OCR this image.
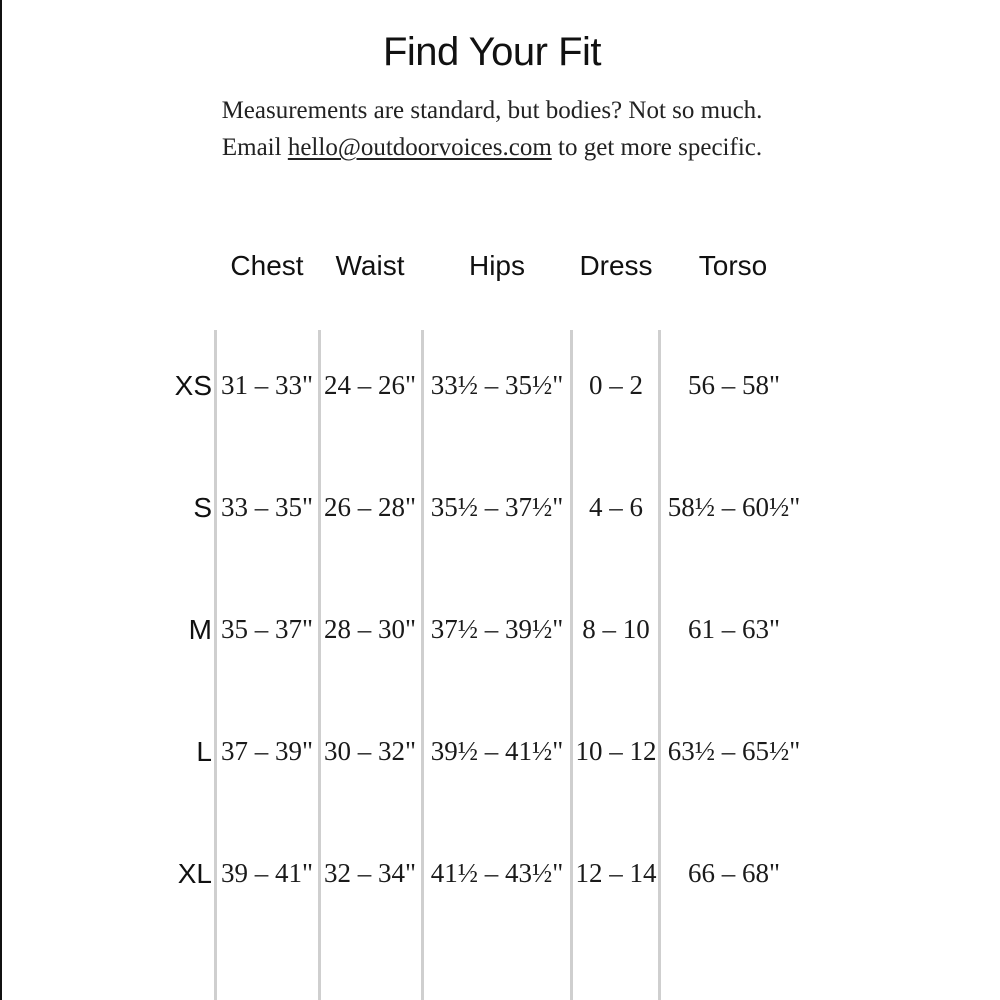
Find Your Fit
Measurements are standard, but bodies? Not so much.
Email hello@outdoorvoices.com to get more specific.
Chest Waist Hips Dress Torso
XS 31 – 33" 24 – 26" 33½ – 35½" 0 – 2 56 – 58"
S 33 – 35" 26 – 28" 35½ – 37½" 4 – 6 58½ – 60½"
M 35 – 37" 28 – 30" 37½ – 39½" 8 – 10 61 – 63"
L 37 – 39" 30 – 32" 39½ – 41½" 10 – 12 63½ – 65½"
XL 39 – 41" 32 – 34" 41½ – 43½" 12 – 14 66 – 68"
